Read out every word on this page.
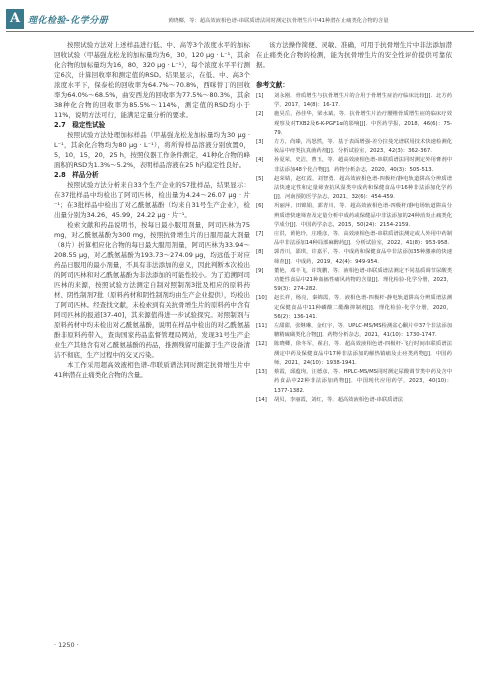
A 理化检验-化学分册	黄晓椰，等：超高效液相色谱-串联质谱法同时测定抗骨增生片中41种潜在止痛类化合物的含量

按照试验方法对上述样品进行低、中、高等3个浓度水平的加标回收试验（甲基强龙松龙的加标量均为6，30，120 μg · L⁻¹，其余化合物的加标量均为16，80，320 μg · L⁻¹），每个浓度水平平行测定6次，计算回收率和测定值的RSD。结果显示，在低、中、高3个浓度水平下，保泰松的回收率为64.7%～70.8%，西咪替丁的回收率为64.0%～68.5%，曲安西龙的回收率为77.5%～80.3%，其余38种化合物的回收率为85.5%～114%，测定值的RSD均小于11%，说明方法可行，能满足定量分析的要求。

2.7　稳定性试验

按照试验方法处理加标样品（甲基强龙松龙加标量均为30 μg · L⁻¹，其余化合物均为80 μg · L⁻¹），将所得样品溶液分别放置0，5，10，15，20，25 h，按照仪器工作条件测定，41种化合物的峰面积的RSD为1.3%～5.2%，表明样品溶液在25 h内稳定性良好。

2.8　样品分析

按照试验方法分析来自33个生产企业的57批样品，结果显示：在37批样品中均检出了阿司匹林，检出量为4.24～26.07 μg · 片⁻¹；在3批样品中检出了对乙酰氨基酚（均来自31号生产企业），检出量分别为34.26，45.99，24.22 μg · 片⁻¹。

检索文献和药品说明书，按每日最小服用剂量，阿司匹林为75 mg，对乙酰氨基酚为300 mg，按照抗骨增生片的日服用最大剂量（8片）折算相应化合物的每日最大服用剂量，阿司匹林为33.94～208.55 μg，对乙酰氨基酚为193.73～274.09 μg，均远低于对应药品日服用的最小剂量，不具有非法添加的意义，因此判断本次检出的阿司匹林和对乙酰氨基酚为非法添加的可能性较小。为了追溯阿司匹林的来源，按照试验方法测定自制对照制剂3批及相应的原料药材、阴性制剂7批（原料药材和阴性制剂均由生产企业提供），均检出了阿司匹林。经查找文献，未检索到有关抗骨增生片的原料药中含有阿司匹林的报道[37-40]，其来源值得进一步试验探究。对照制剂与原料药材中均未检出对乙酰氨基酚，说明在样品中检出的对乙酰氨基酚非原料药带入，查询国家药品监督管理局网站，发现31号生产企业生产其他含有对乙酰氨基酚的药品，推测残留可能源于生产设备清洁不彻底，生产过程中的交叉污染。

本工作采用超高效液相色谱-串联质谱法同时测定抗骨增生片中41种潜在止痛类化合物的含量。

该方法操作简便、灵敏、准确，可用于抗骨增生片中非法添加潜在止痛类化合物的检测，能为抗骨增生片的安全性评价提供可靠依据。

参考文献：
[1]	刘永刚．骨质增生与抗骨增生片的合用于骨增生症治疗临床比较[J]．北方药学，2017，14(8)：16-17.
[2]	施昊岳，孙佳华，梁水斌，等．抗骨增生片治疗腰椎骨质增生症的临床疗效观察及对TXB2及6-K-PGF1α的影响[J]．中医药学报，2018，46(6)：75-79.
[3]	方方，尚臻，冯怒然，等．基于表面增强-差分拉曼光谱联用技术快速检测化妆品中痔类抗真菌药剂[J]．分析试验室，2023，42(3)：362-367.
[4]	孙夏荣，史洁，曹玉，等．超高效液相色谱-串联质谱法同时测定外用膏剂中非法添加48个化合物[J]．药物分析杂志，2020，40(3)：505-513.
[5]	赵荣婧，赵红霞，刘智勇．超高效液相色谱-四极杆/静电轨道阱高分辨质谱法快速定性和定量筛查抗风湿类中成药和保健食品中16种非法添加化学药[J]．河南预防医学杂志，2021，32(6)：454-459.
[6]	巩丽萍，田锦娟，郭青川，等．超高效液相色谱-四极杆/静电场轨道阱高分辨质谱快速筛查及定量分析中成药或保健品中非法添加的24种消炎止痛类化学成分[J]．中国药学杂志，2015，50(24)：2154-2159.
[7]	庄洪，黄艳玲，庄瑾彦，等．高效液相色谱-串联质谱法测定或人外用中药制品中非法添加14种局部麻醉药[J]．分析试验室，2022，41(8)：953-958.
[8]	郭青川，邵琪，许嘉平，等．中成药和保健食品中非法添加35种激素的快速筛查[J]．中成药，2019，42(4)：949-954.
[9]	董艳，邓丰飞，许筑鹏，等．液相色谱-串联质谱法测定不同基质调节尿酸类功能性食品中21种血搐性痛风药物的含量[J]．理化检验-化学分册，2023，59(3)：274-282.
[10]	赵长祥，杨亮，秦锦霞，等．液相色谱-四极杆-静电轨道阱高分辨质谱法测定保健食品中11种磷酸二酯酶抑制剂[J]．理化检验-化学分册，2020，56(2)：136-141.
[11]	左甜甜，张继琳，金红宇，等．UPLC-MS/MS检测盆心酮片中37个非法添加糖精硫磺类化合物[J]．药物分析杂志，2021，41(10)：1730-1747.
[12]	陈晓卿，徐冬军，翟启，等．超高效液相色谱-四极杆-飞行时间串联质谱法测定中药及保健食品中17种非法添加的解热镇痛及止痉类药物[J]．中国药师，2021，24(10)：1938-1941.
[13]	蔡霞，邱蕴珣，汪德彦，等．HPLC-MS/MS同时测定尿酸调节类中药及含中药食品中22种非法添加药物[J]．中国现代应用药学，2023，40(10)：1377-1382.
[14]	胡贝，李丽霞，刘红，等．超高效液相色谱-串联质谱法
· 1250 ·
